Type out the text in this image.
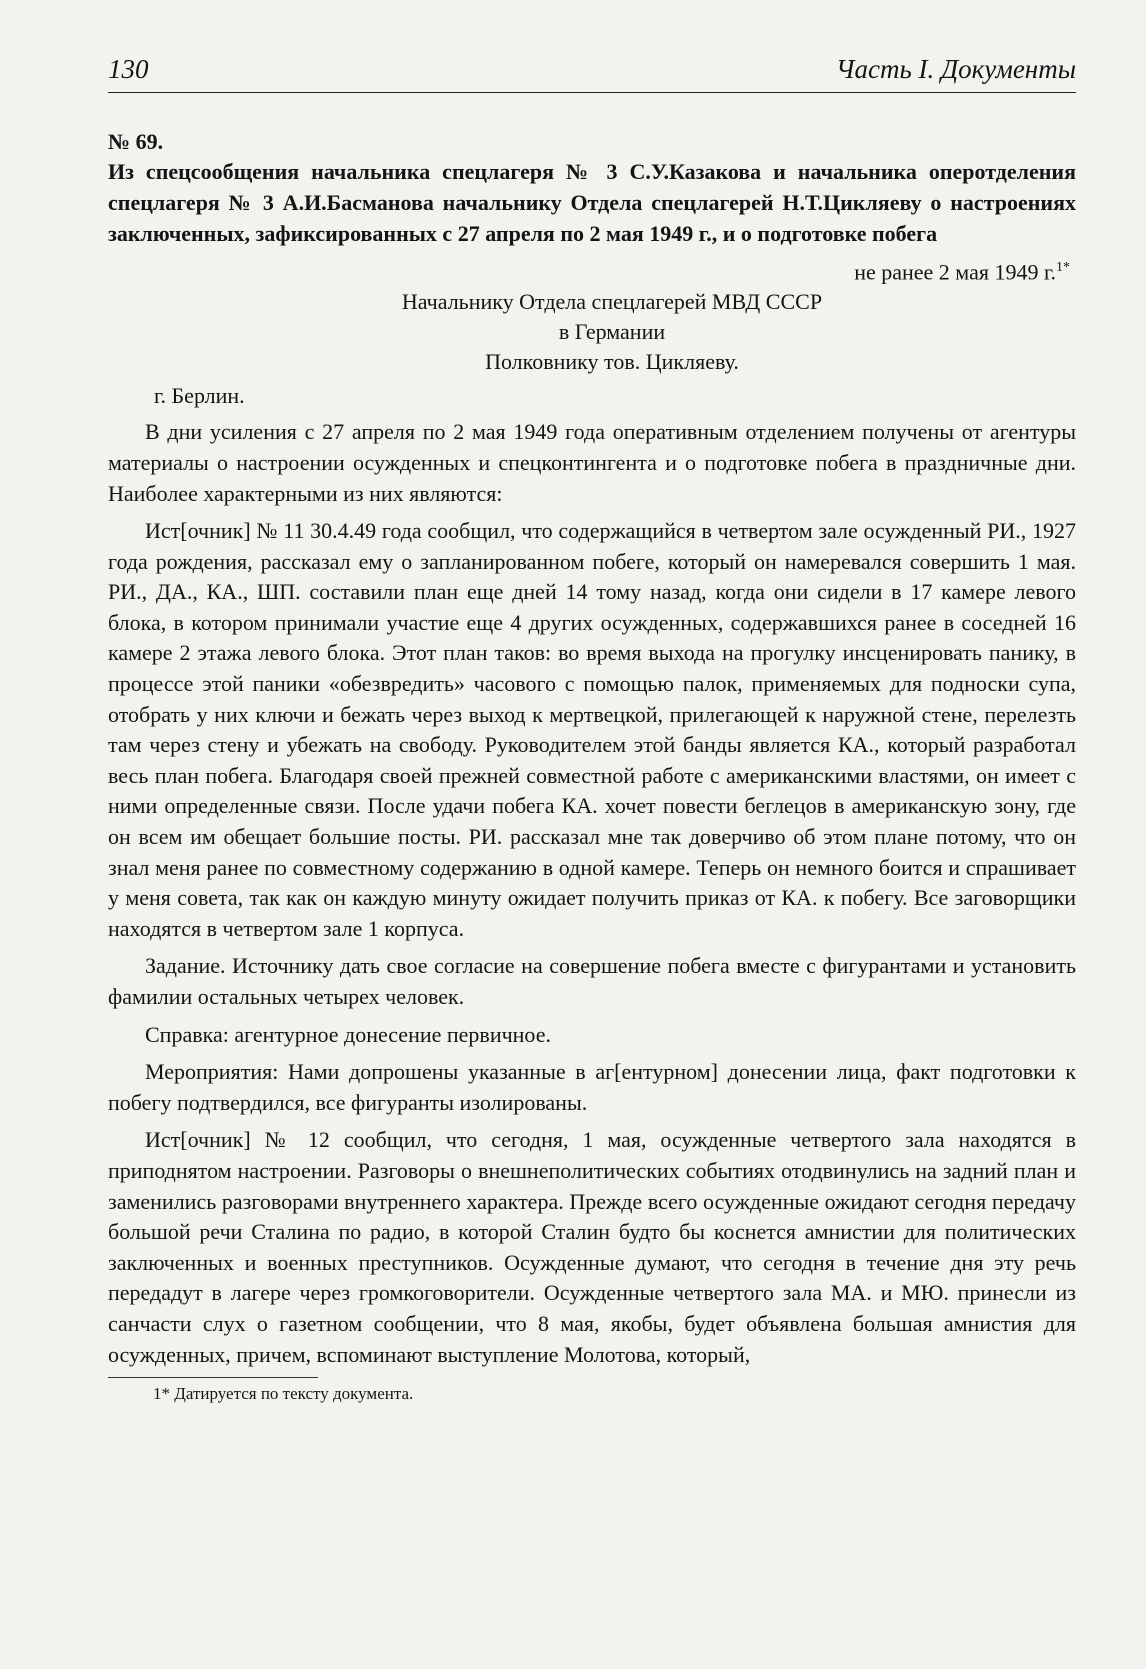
130	Часть I. Документы
№ 69.

Из спецсообщения начальника спецлагеря № 3 С.У.Казакова и начальника оперотделения спецлагеря № 3 А.И.Басманова начальнику Отдела спецлагерей Н.Т.Цикляеву о настроениях заключенных, зафиксированных с 27 апреля по 2 мая 1949 г., и о подготовке побега

не ранее 2 мая 1949 г.$^{1*}$
Начальнику Отдела спецлагерей МВД СССР
в Германии
Полковнику тов. Цикляеву.
г. Берлин.

В дни усиления с 27 апреля по 2 мая 1949 года оперативным отделением получены от агентуры материалы о настроении осужденных и спецконтингента и о подготовке побега в праздничные дни. Наиболее характерными из них являются:

Ист[очник] № 11 30.4.49 года сообщил, что содержащийся в четвертом зале осужденный РИ., 1927 года рождения, рассказал ему о запланированном побеге, который он намеревался совершить 1 мая. РИ., ДА., КА., ШП. составили план еще дней 14 тому назад, когда они сидели в 17 камере левого блока, в котором принимали участие еще 4 других осужденных, содержавшихся ранее в соседней 16 камере 2 этажа левого блока. Этот план таков: во время выхода на прогулку инсценировать панику, в процессе этой паники «обезвредить» часового с помощью палок, применяемых для подноски супа, отобрать у них ключи и бежать через выход к мертвецкой, прилегающей к наружной стене, перелезть там через стену и убежать на свободу. Руководителем этой банды является КА., который разработал весь план побега. Благодаря своей прежней совместной работе с американскими властями, он имеет с ними определенные связи. После удачи побега КА. хочет повести беглецов в американскую зону, где он всем им обещает большие посты. РИ. рассказал мне так доверчиво об этом плане потому, что он знал меня ранее по совместному содержанию в одной камере. Теперь он немного боится и спрашивает у меня совета, так как он каждую минуту ожидает получить приказ от КА. к побегу. Все заговорщики находятся в четвертом зале 1 корпуса.

Задание. Источнику дать свое согласие на совершение побега вместе с фигурантами и установить фамилии остальных четырех человек.

Справка: агентурное донесение первичное.

Мероприятия: Нами допрошены указанные в аг[ентурном] донесении лица, факт подготовки к побегу подтвердился, все фигуранты изолированы.

Ист[очник] № 12 сообщил, что сегодня, 1 мая, осужденные четвертого зала находятся в приподнятом настроении. Разговоры о внешнеполитических событиях отодвинулись на задний план и заменились разговорами внутреннего характера. Прежде всего осужденные ожидают сегодня передачу большой речи Сталина по радио, в которой Сталин будто бы коснется амнистии для политических заключенных и военных преступников. Осужденные думают, что сегодня в течение дня эту речь передадут в лагере через громкоговорители. Осужденные четвертого зала МА. и МЮ. принесли из санчасти слух о газетном сообщении, что 8 мая, якобы, будет объявлена большая амнистия для осужденных, причем, вспоминают выступление Молотова, который,

1* Датируется по тексту документа.
